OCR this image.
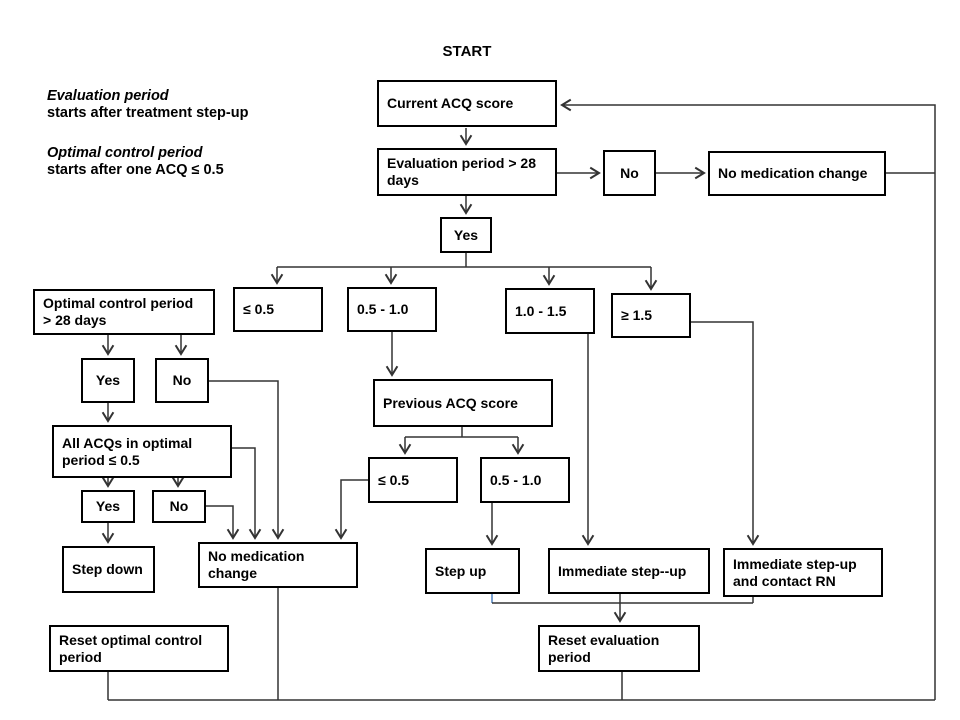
START
Evaluation period
starts after treatment step-up
Optimal control period
starts after one ACQ ≤ 0.5
Current ACQ score
Evaluation period > 28 days	No	No medication change
Yes
≤ 0.5	0.5 - 1.0	1.0 - 1.5	≥ 1.5
Optimal control period > 28 days
Yes	No
All ACQs in optimal period ≤ 0.5
Yes	No
Previous ACQ score
≤ 0.5	0.5 - 1.0
Step down
No medication change	Step up	Immediate step--up	Immediate step-up and contact RN
Reset optimal control period
Reset evaluation period
